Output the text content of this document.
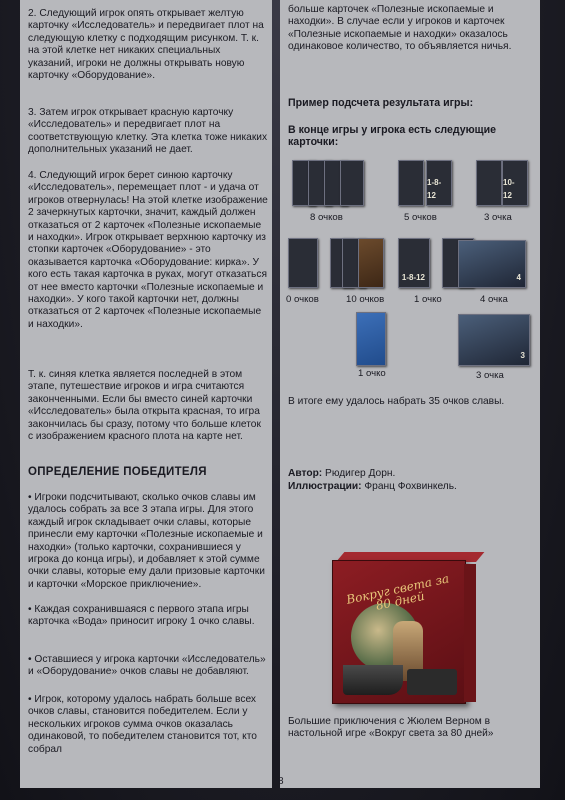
2. Следующий игрок опять открывает желтую карточку «Исследователь» и передвигает плот на следующую клетку с подходящим рисунком. Т. к. на этой клетке нет никаких специальных указаний, игроки не должны открывать новую карточку «Оборудование».

3. Затем игрок открывает красную карточку «Исследователь» и передвигает плот на соответствующую клетку. Эта клетка тоже никаких дополнительных указаний не дает.

4. Следующий игрок берет синюю карточку «Исследователь», перемещает плот - и удача от игроков отвернулась! На этой клетке изображение 2 зачеркнутых карточки, значит, каждый должен отказаться от 2 карточек «Полезные ископаемые и находки». Игрок открывает верхнюю карточку из стопки карточек «Оборудование» - это оказывается карточка «Оборудование: кирка». У кого есть такая карточка в руках, могут отказаться от нее вместо карточки «Полезные ископаемые и находки». У кого такой карточки нет, должны отказаться от 2 карточек «Полезные ископаемые и находки».

Т. к. синяя клетка является последней в этом этапе, путешествие игроков и игра считаются законченными. Если бы вместо синей карточки «Исследователь» была открыта красная, то игра закончилась бы сразу, потому что больше клеток с изображением красного плота на карте нет.

ОПРЕДЕЛЕНИЕ ПОБЕДИТЕЛЯ

• Игроки подсчитывают, сколько очков славы им удалось собрать за все 3 этапа игры. Для этого каждый игрок складывает очки славы, которые принесли ему карточки «Полезные ископаемые и находки» (только карточки, сохранившиеся у игрока до конца игры), и добавляет к этой сумме очки славы, которые ему дали призовые карточки и карточки «Морское приключение».

• Каждая сохранившаяся с первого этапа игры карточка «Вода» приносит игроку 1 очко славы.

• Оставшиеся у игрока карточки «Исследователь» и «Оборудование» очков славы не добавляют.

• Игрок, которому удалось набрать больше всех очков славы, становится победителем. Если у нескольких игроков сумма очков оказалась одинаковой, то победителем становится тот, кто собрал

больше карточек «Полезные ископаемые и находки». В случае если у игроков и карточек «Полезные ископаемые и находки» оказалось одинаковое количество, то объявляется ничья.

Пример подсчета результата игры:

В конце игры у игрока есть следующие карточки:

1-8-12
10-12
8 очков	5 очков	3 очка
1-8-12	4
0 очков	10 очков	1 очко	4 очка
3
1 очко	3 очка

В итоге ему удалось набрать 35 очков славы.

Автор: Рюдигер Дорн.

Иллюстрации: Франц Фохвинкель.

Вокруг света за 80 дней

Большие приключения с Жюлем Верном в настольной игре «Вокруг света за 80 дней»

8
